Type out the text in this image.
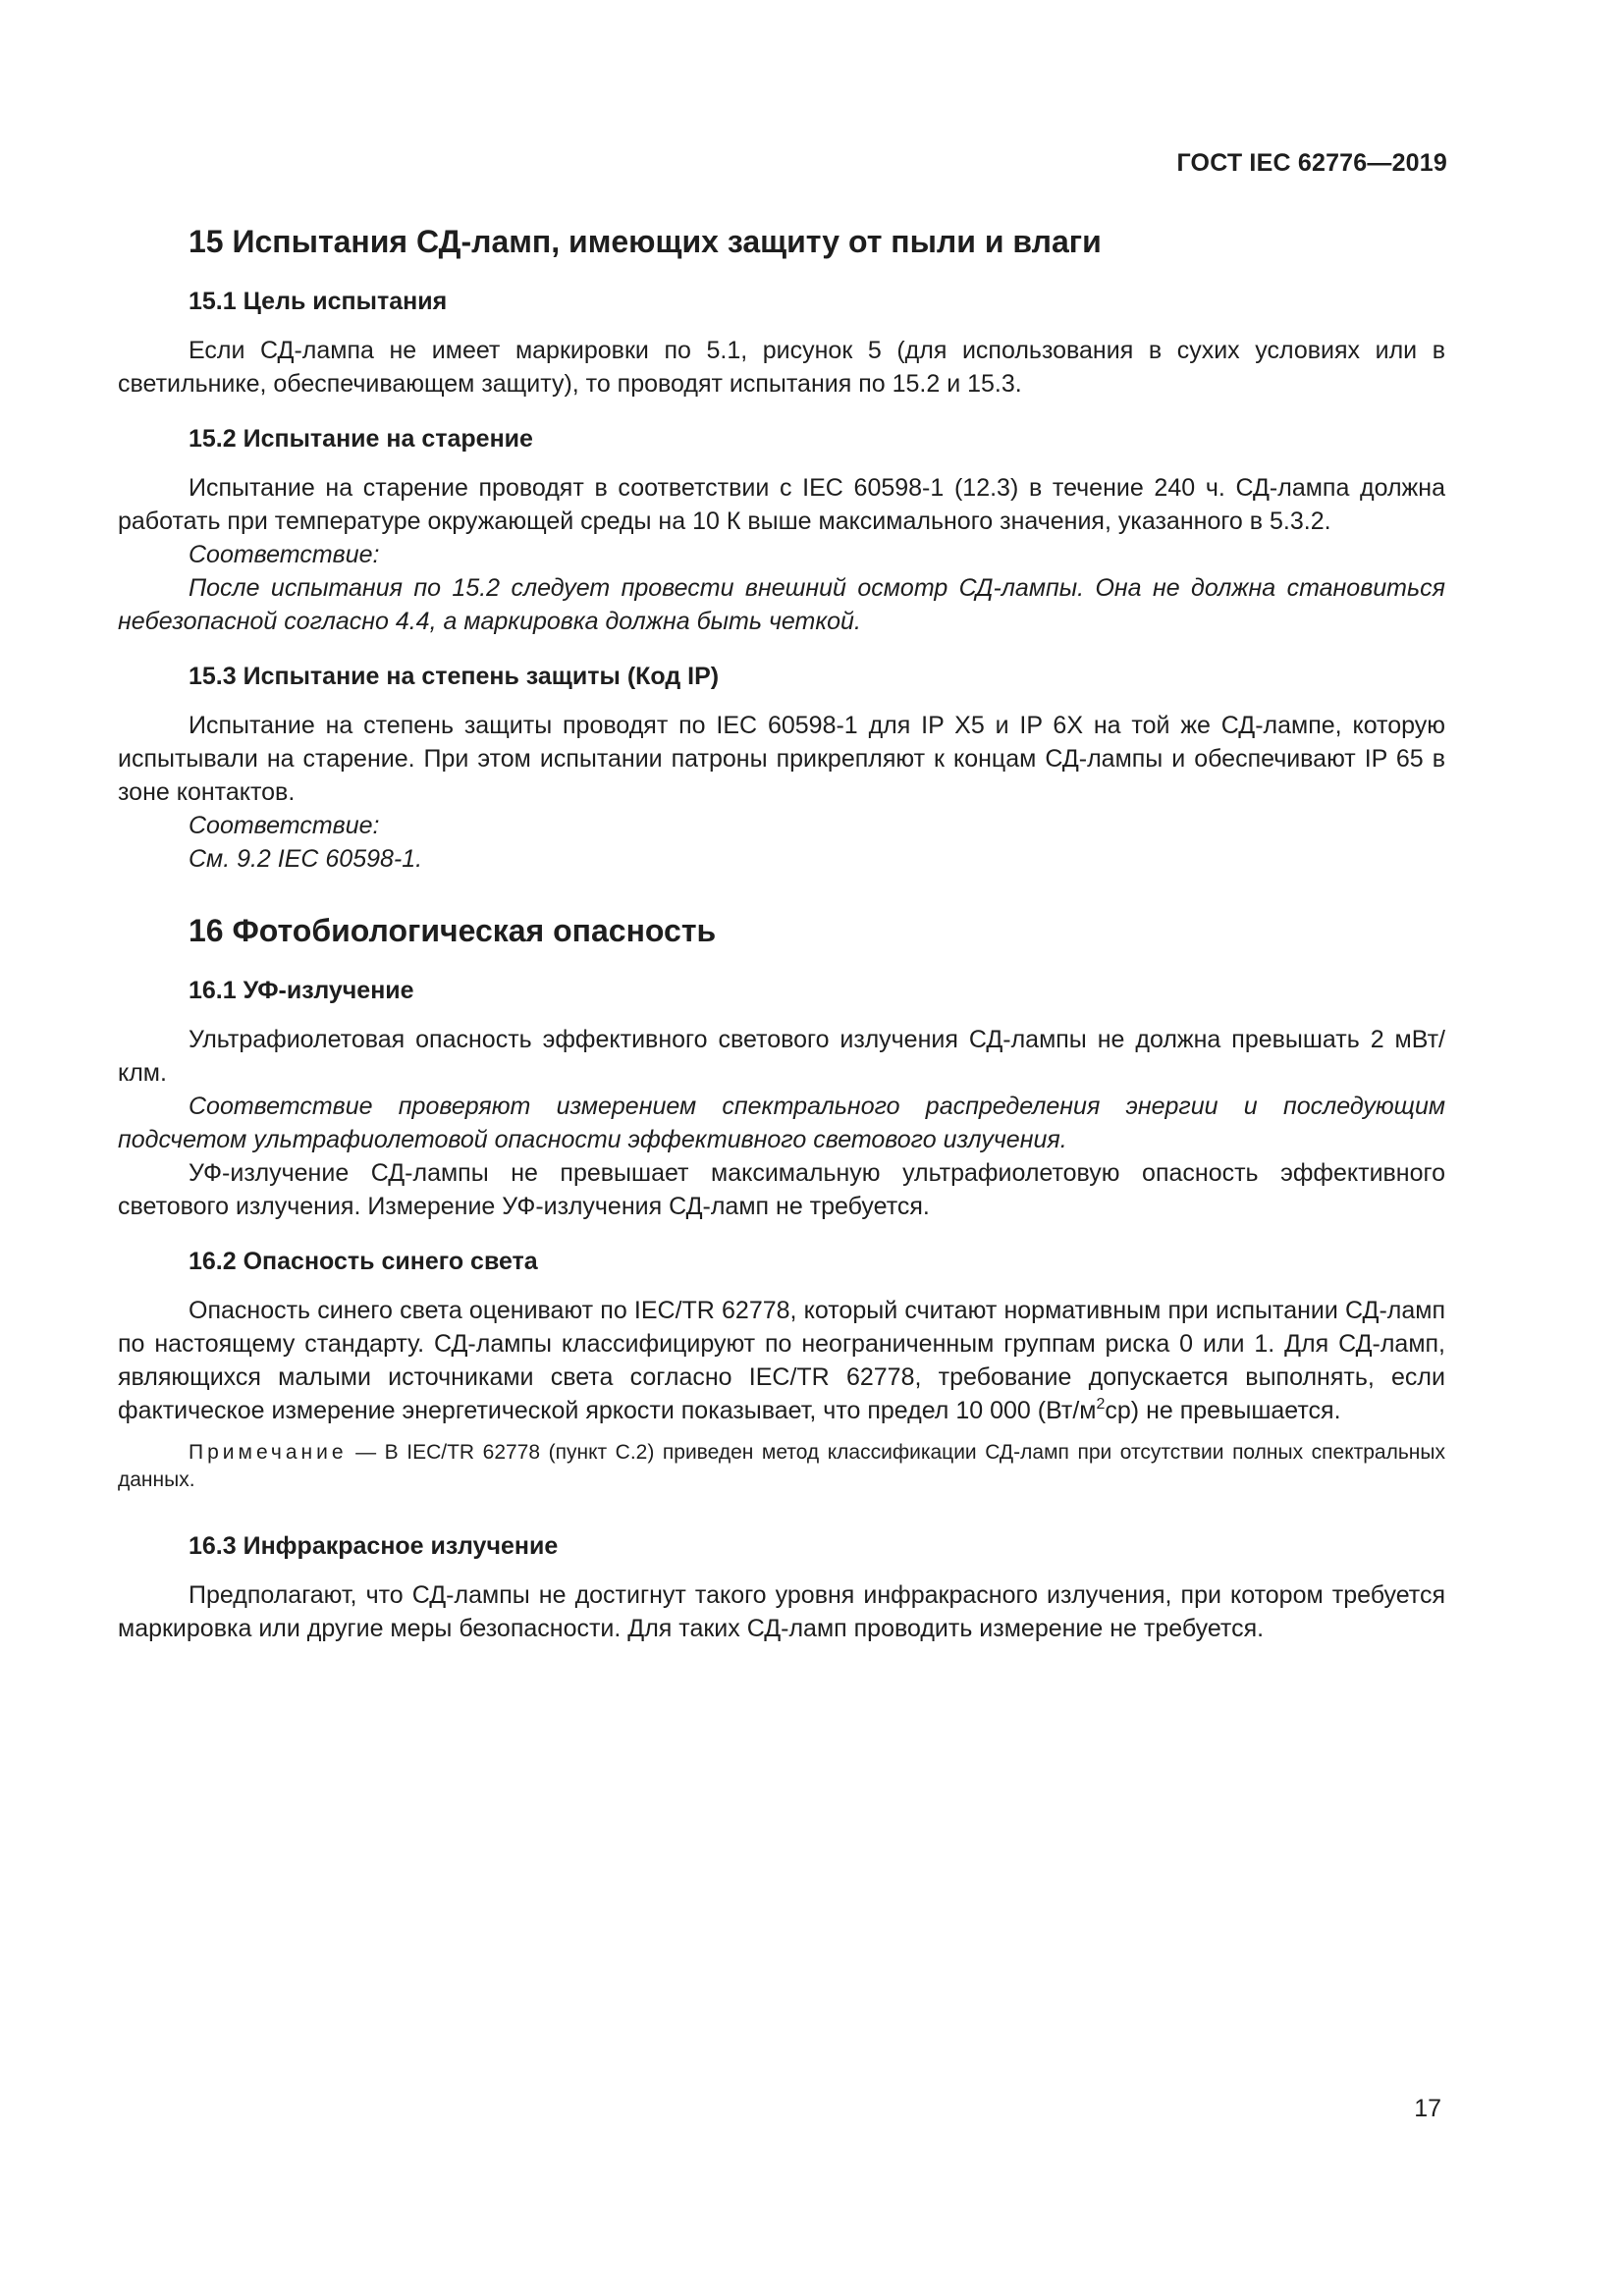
ГОСТ IEC 62776—2019
15 Испытания СД-ламп, имеющих защиту от пыли и влаги
15.1 Цель испытания

Если СД-лампа не имеет маркировки по 5.1, рисунок 5 (для использования в сухих условиях или в светильнике, обеспечивающем защиту), то проводят испытания по 15.2 и 15.3.

15.2 Испытание на старение

Испытание на старение проводят в соответствии с IEC 60598-1 (12.3) в течение 240 ч. СД-лампа должна работать при температуре окружающей среды на 10 К выше максимального значения, указанного в 5.3.2.

Соответствие:

После испытания по 15.2 следует провести внешний осмотр СД-лампы. Она не должна становиться небезопасной согласно 4.4, а маркировка должна быть четкой.

15.3 Испытание на степень защиты (Код IP)

Испытание на степень защиты проводят по IEC 60598-1 для IP X5 и IP 6X на той же СД-лампе, которую испытывали на старение. При этом испытании патроны прикрепляют к концам СД-лампы и обеспечивают IP 65 в зоне контактов.

Соответствие:

См. 9.2 IEC 60598-1.

16 Фотобиологическая опасность
16.1 УФ-излучение

Ультрафиолетовая опасность эффективного светового излучения СД-лампы не должна превышать 2 мВт/клм.

Соответствие проверяют измерением спектрального распределения энергии и последующим подсчетом ультрафиолетовой опасности эффективного светового излучения.

УФ-излучение СД-лампы не превышает максимальную ультрафиолетовую опасность эффективного светового излучения. Измерение УФ-излучения СД-ламп не требуется.

16.2 Опасность синего света

Опасность синего света оценивают по IEC/TR 62778, который считают нормативным при испытании СД-ламп по настоящему стандарту. СД-лампы классифицируют по неограниченным группам риска 0 или 1. Для СД-ламп, являющихся малыми источниками света согласно IEC/TR 62778, требование допускается выполнять, если фактическое измерение энергетической яркости показывает, что предел 10 000 $(Вт/м^2ср)$ не превышается.

Примечание — В IEC/TR 62778 (пункт С.2) приведен метод классификации СД-ламп при отсутствии полных спектральных данных.

16.3 Инфракрасное излучение

Предполагают, что СД-лампы не достигнут такого уровня инфракрасного излучения, при котором требуется маркировка или другие меры безопасности. Для таких СД-ламп проводить измерение не требуется.

17
